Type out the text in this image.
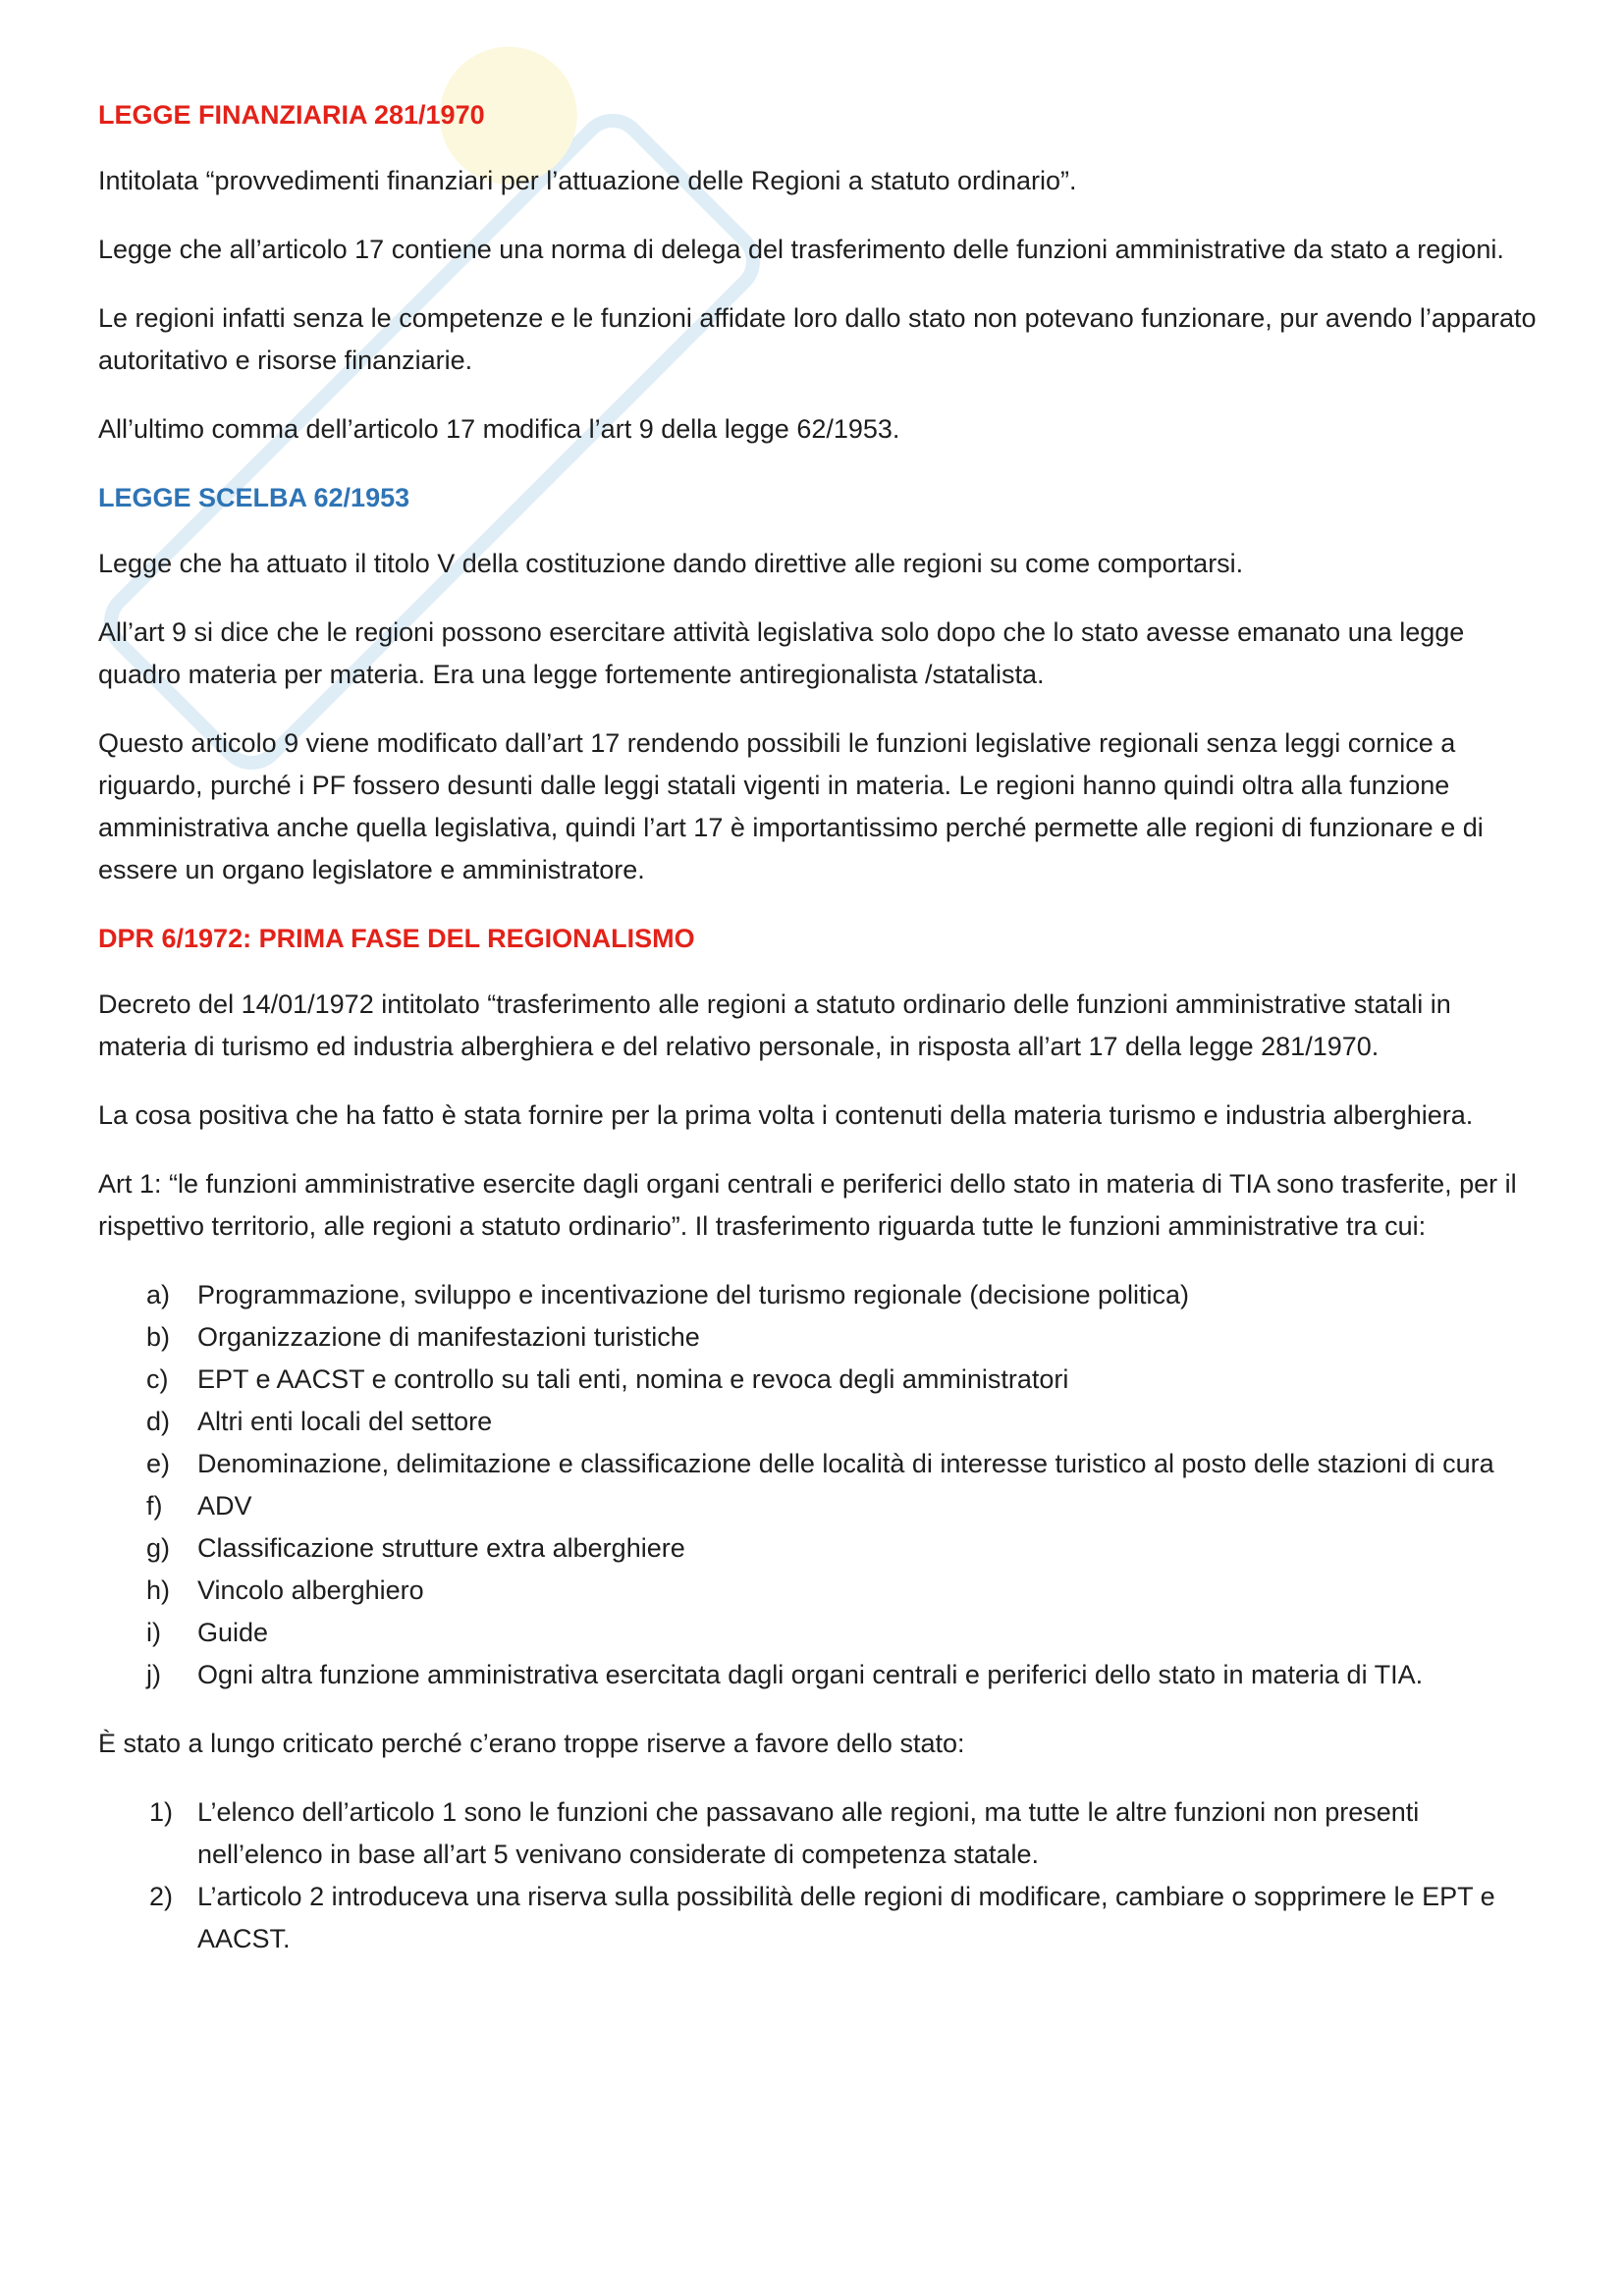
LEGGE FINANZIARIA 281/1970

Intitolata “provvedimenti finanziari per l’attuazione delle Regioni a statuto ordinario”.

Legge che all’articolo 17 contiene una norma di delega del trasferimento delle funzioni amministrative da stato a regioni.

Le regioni infatti senza le competenze e le funzioni affidate loro dallo stato non potevano funzionare, pur avendo l’apparato autoritativo e risorse finanziarie.

All’ultimo comma dell’articolo 17 modifica l’art 9 della legge 62/1953.

LEGGE SCELBA 62/1953

Legge che ha attuato il titolo V della costituzione dando direttive alle regioni su come comportarsi.

All’art 9 si dice che le regioni possono esercitare attività legislativa solo dopo che lo stato avesse emanato una legge quadro materia per materia. Era una legge fortemente antiregionalista /statalista.

Questo articolo 9 viene modificato dall’art 17 rendendo possibili le funzioni legislative regionali senza leggi cornice a riguardo, purché i PF fossero desunti dalle leggi statali vigenti in materia. Le regioni hanno quindi oltra alla funzione amministrativa anche quella legislativa, quindi l’art 17 è importantissimo perché permette alle regioni di funzionare e di essere un organo legislatore e amministratore.

DPR 6/1972: PRIMA FASE DEL REGIONALISMO

Decreto del 14/01/1972 intitolato “trasferimento alle regioni a statuto ordinario delle funzioni amministrative statali in materia di turismo ed industria alberghiera e del relativo personale, in risposta all’art 17 della legge 281/1970.

La cosa positiva che ha fatto è stata fornire per la prima volta i contenuti della materia turismo e industria alberghiera.

Art 1: “le funzioni amministrative esercite dagli organi centrali e periferici dello stato in materia di TIA sono trasferite, per il rispettivo territorio, alle regioni a statuto ordinario”. Il trasferimento riguarda tutte le funzioni amministrative tra cui:

a) Programmazione, sviluppo e incentivazione del turismo regionale (decisione politica)
b) Organizzazione di manifestazioni turistiche
c) EPT e AACST e controllo su tali enti, nomina e revoca degli amministratori
d) Altri enti locali del settore
e) Denominazione, delimitazione e classificazione delle località di interesse turistico al posto delle stazioni di cura
f) ADV
g) Classificazione strutture extra alberghiere
h) Vincolo alberghiero
i) Guide
j) Ogni altra funzione amministrativa esercitata dagli organi centrali e periferici dello stato in materia di TIA.

È stato a lungo criticato perché c’erano troppe riserve a favore dello stato:

1) L’elenco dell’articolo 1 sono le funzioni che passavano alle regioni, ma tutte le altre funzioni non presenti nell’elenco in base all’art 5 venivano considerate di competenza statale.
2) L’articolo 2 introduceva una riserva sulla possibilità delle regioni di modificare, cambiare o sopprimere le EPT e AACST.
